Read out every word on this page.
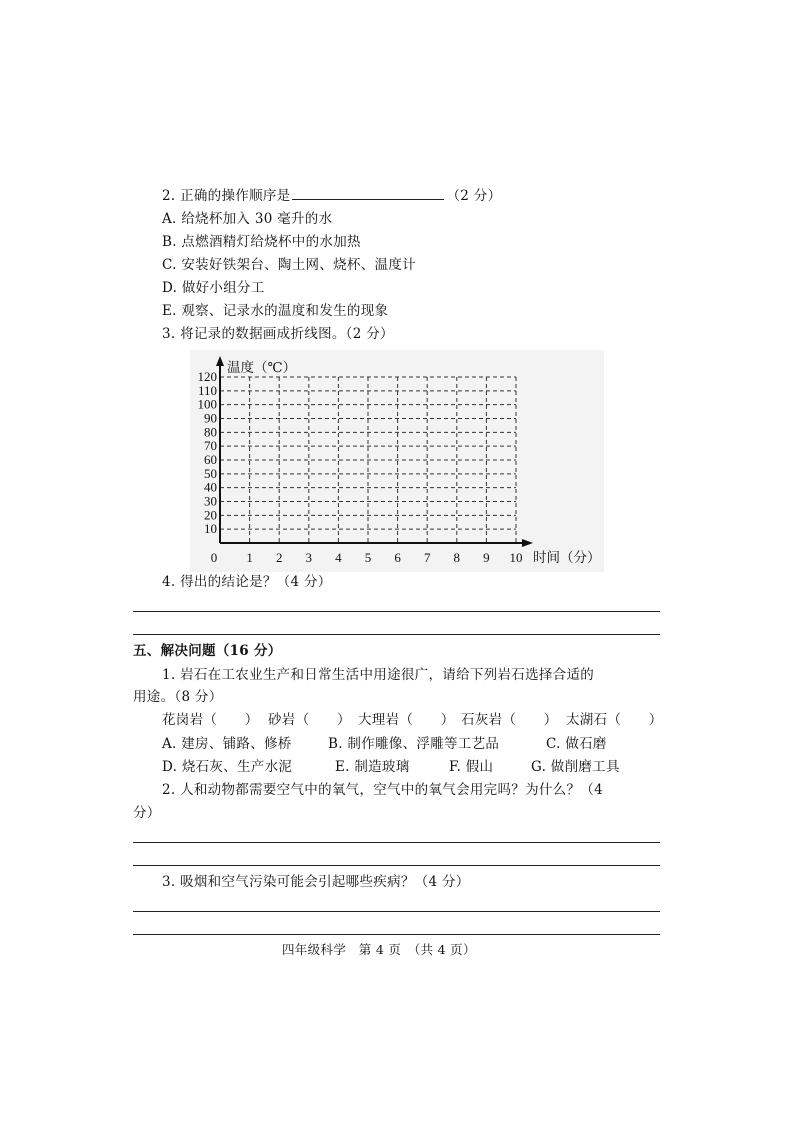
2. 正确的操作顺序是	（2 分）
A. 给烧杯加入 30 毫升的水
B. 点燃酒精灯给烧杯中的水加热
C. 安装好铁架台、陶土网、烧杯、温度计
D. 做好小组分工
E. 观察、记录水的温度和发生的现象
3. 将记录的数据画成折线图。（2 分）
10
20
30
40
50
60
70
80
90
100
110
120
0 1 2 3 4 5 6 7 8 9 10
温度（℃）
时间（分）
4. 得出的结论是？（4 分）
五、解决问题（16 分）
1. 岩石在工农业生产和日常生活中用途很广，请给下列岩石选择合适的
用途。（8 分）
花岗岩（　　） 砂岩（　　） 大理岩（　　） 石灰岩（　　） 太湖石（　　）
A. 建房、铺路、修桥	B. 制作雕像、浮雕等工艺品	C. 做石磨
D. 烧石灰、生产水泥	E. 制造玻璃	F. 假山	G. 做削磨工具
2. 人和动物都需要空气中的氧气，空气中的氧气会用完吗？为什么？（4
分）
3. 吸烟和空气污染可能会引起哪些疾病？（4 分）
四年级科学　第 4 页　（共 4 页）
